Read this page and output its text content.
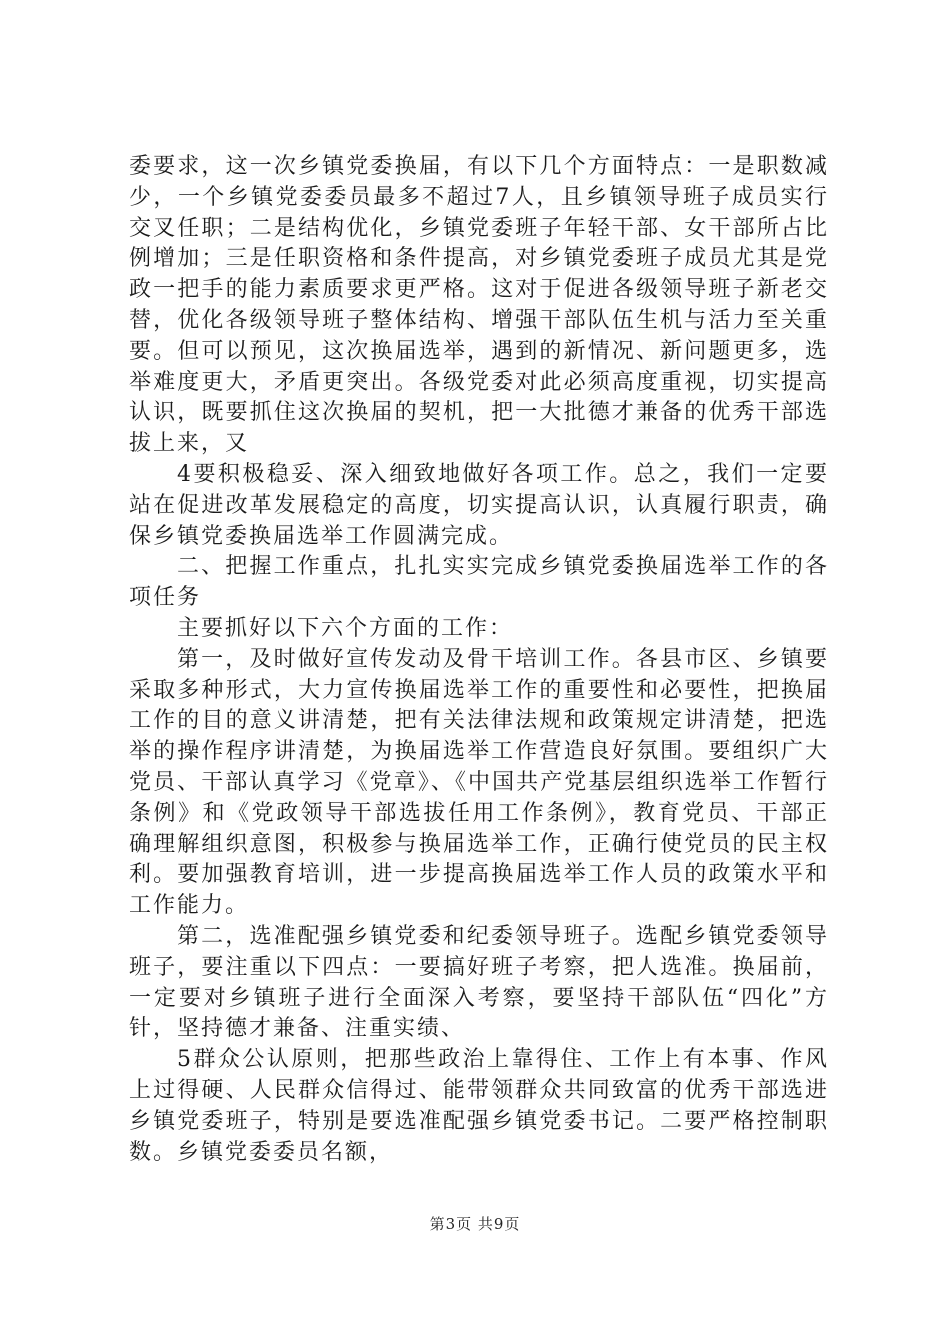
委要求，这一次乡镇党委换届，有以下几个方面特点：一是职数减少，一个乡镇党委委员最多不超过7人，且乡镇领导班子成员实行交叉任职；二是结构优化，乡镇党委班子年轻干部、女干部所占比例增加；三是任职资格和条件提高，对乡镇党委班子成员尤其是党政一把手的能力素质要求更严格。这对于促进各级领导班子新老交替，优化各级领导班子整体结构、增强干部队伍生机与活力至关重要。但可以预见，这次换届选举，遇到的新情况、新问题更多，选举难度更大，矛盾更突出。各级党委对此必须高度重视，切实提高认识，既要抓住这次换届的契机，把一大批德才兼备的优秀干部选拔上来，又

4要积极稳妥、深入细致地做好各项工作。总之，我们一定要站在促进改革发展稳定的高度，切实提高认识，认真履行职责，确保乡镇党委换届选举工作圆满完成。

二、把握工作重点，扎扎实实完成乡镇党委换届选举工作的各项任务

主要抓好以下六个方面的工作：

第一，及时做好宣传发动及骨干培训工作。各县市区、乡镇要采取多种形式，大力宣传换届选举工作的重要性和必要性，把换届工作的目的意义讲清楚，把有关法律法规和政策规定讲清楚，把选举的操作程序讲清楚，为换届选举工作营造良好氛围。要组织广大党员、干部认真学习《党章》、《中国共产党基层组织选举工作暂行条例》和《党政领导干部选拔任用工作条例》，教育党员、干部正确理解组织意图，积极参与换届选举工作，正确行使党员的民主权利。要加强教育培训，进一步提高换届选举工作人员的政策水平和工作能力。

第二，选准配强乡镇党委和纪委领导班子。选配乡镇党委领导班子，要注重以下四点：一要搞好班子考察，把人选准。换届前，一定要对乡镇班子进行全面深入考察，要坚持干部队伍“四化”方针，坚持德才兼备、注重实绩、

5群众公认原则，把那些政治上靠得住、工作上有本事、作风上过得硬、人民群众信得过、能带领群众共同致富的优秀干部选进乡镇党委班子，特别是要选准配强乡镇党委书记。二要严格控制职数。乡镇党委委员名额，

第3页 共9页
